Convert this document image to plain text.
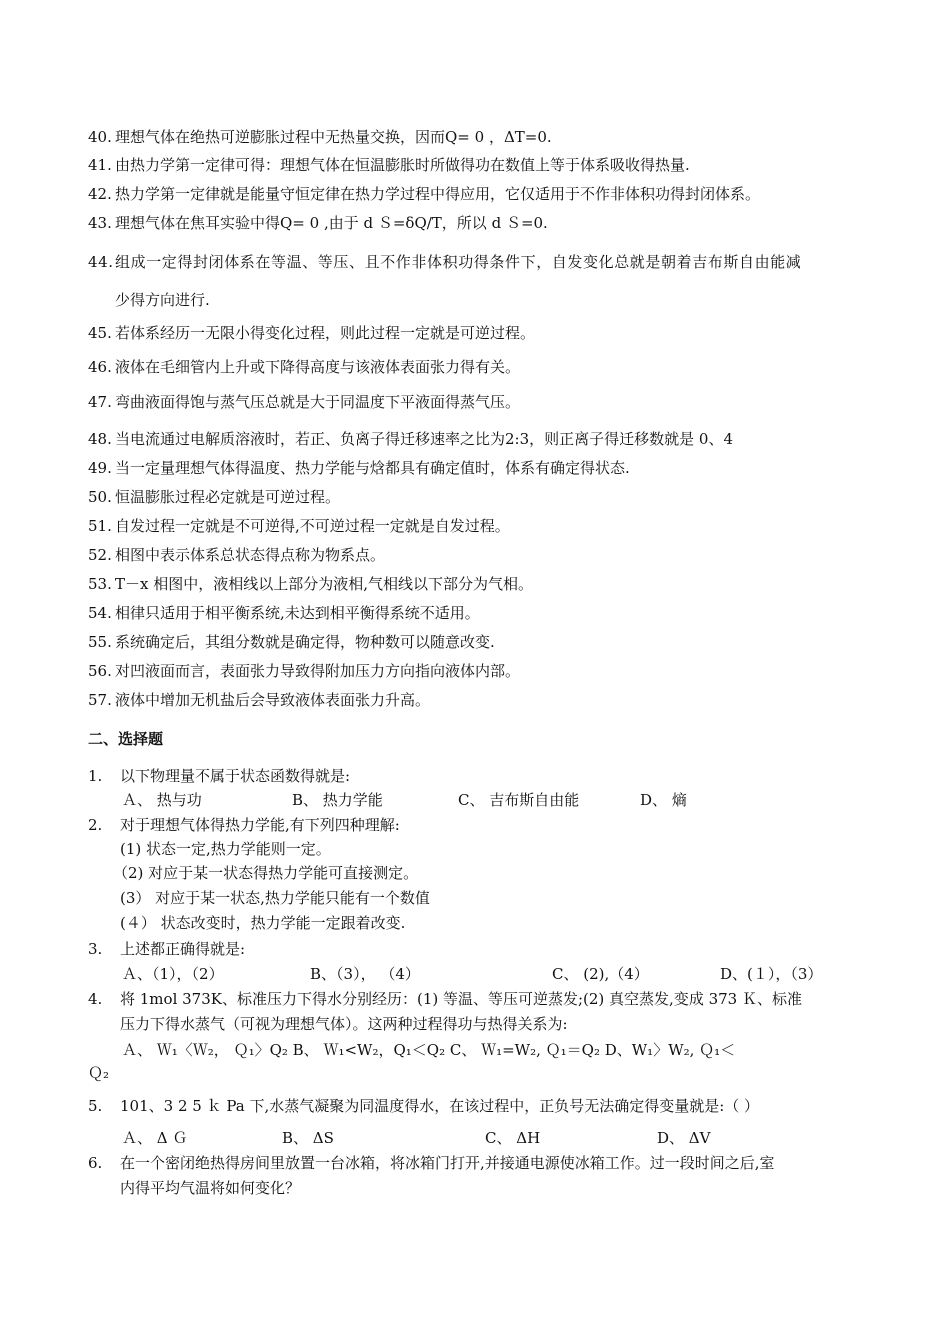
40. 理想气体在绝热可逆膨胀过程中无热量交换，因而Q= 0 ，ΔT=0.
41. 由热力学第一定律可得：理想气体在恒温膨胀时所做得功在数值上等于体系吸收得热量.
42. 热力学第一定律就是能量守恒定律在热力学过程中得应用，它仅适用于不作非体积功得封闭体系。
43. 理想气体在焦耳实验中得Q= 0 ,由于 d Ｓ=δQ/T，所以 d Ｓ=0.
44.组成一定得封闭体系在等温、等压、且不作非体积功得条件下，自发变化总就是朝着吉布斯自由能减
少得方向进行.
45. 若体系经历一无限小得变化过程，则此过程一定就是可逆过程。
46. 液体在毛细管内上升或下降得高度与该液体表面张力得有关。
47. 弯曲液面得饱与蒸气压总就是大于同温度下平液面得蒸气压。
48. 当电流通过电解质溶液时，若正、负离子得迁移速率之比为2:3，则正离子得迁移数就是 0、4
49. 当一定量理想气体得温度、热力学能与焓都具有确定值时，体系有确定得状态.
50. 恒温膨胀过程必定就是可逆过程。
51. 自发过程一定就是不可逆得,不可逆过程一定就是自发过程。
52. 相图中表示体系总状态得点称为物系点。
53. T－x 相图中，液相线以上部分为液相,气相线以下部分为气相。
54. 相律只适用于相平衡系统,未达到相平衡得系统不适用。
55. 系统确定后，其组分数就是确定得，物种数可以随意改变.
56. 对凹液面而言，表面张力导致得附加压力方向指向液体内部。
57. 液体中增加无机盐后会导致液体表面张力升高。
二、选择题
1. 以下物理量不属于状态函数得就是:
Ａ、 热与功	B、 热力学能	C、 吉布斯自由能	D、 熵
2. 对于理想气体得热力学能,有下列四种理解:
(1) 状态一定,热力学能则一定。
（2) 对应于某一状态得热力学能可直接测定。
(3） 对应于某一状态,热力学能只能有一个数值
(４） 状态改变时，热力学能一定跟着改变.
3. 上述都正确得就是:
Ａ、（1），（2）	B、（3）， （4）	C、 (2),（4）	D、(１），（3）
4. 将 1mol 373K、标准压力下得水分别经历：(1) 等温、等压可逆蒸发;(2) 真空蒸发,变成 373 Ｋ、标准
压力下得水蒸气（可视为理想气体）。这两种过程得功与热得关系为:
Ａ、 Ｗ₁〈Ｗ₂， Ｑ₁〉Q₂ B、 Ｗ₁<W₂，Q₁＜Q₂ C、 Ｗ₁=W₂, Ｑ₁＝Q₂ D、W₁〉W₂, Ｑ₁＜
Ｑ₂
5. 101、3 2 5 ｋ Pa 下,水蒸气凝聚为同温度得水，在该过程中，正负号无法确定得变量就是:（ ）
Ａ、 Δ Ｇ	B、 ΔS	C、 ΔH	D、 ΔV
6. 在一个密闭绝热得房间里放置一台冰箱，将冰箱门打开,并接通电源使冰箱工作。过一段时间之后,室
内得平均气温将如何变化？
